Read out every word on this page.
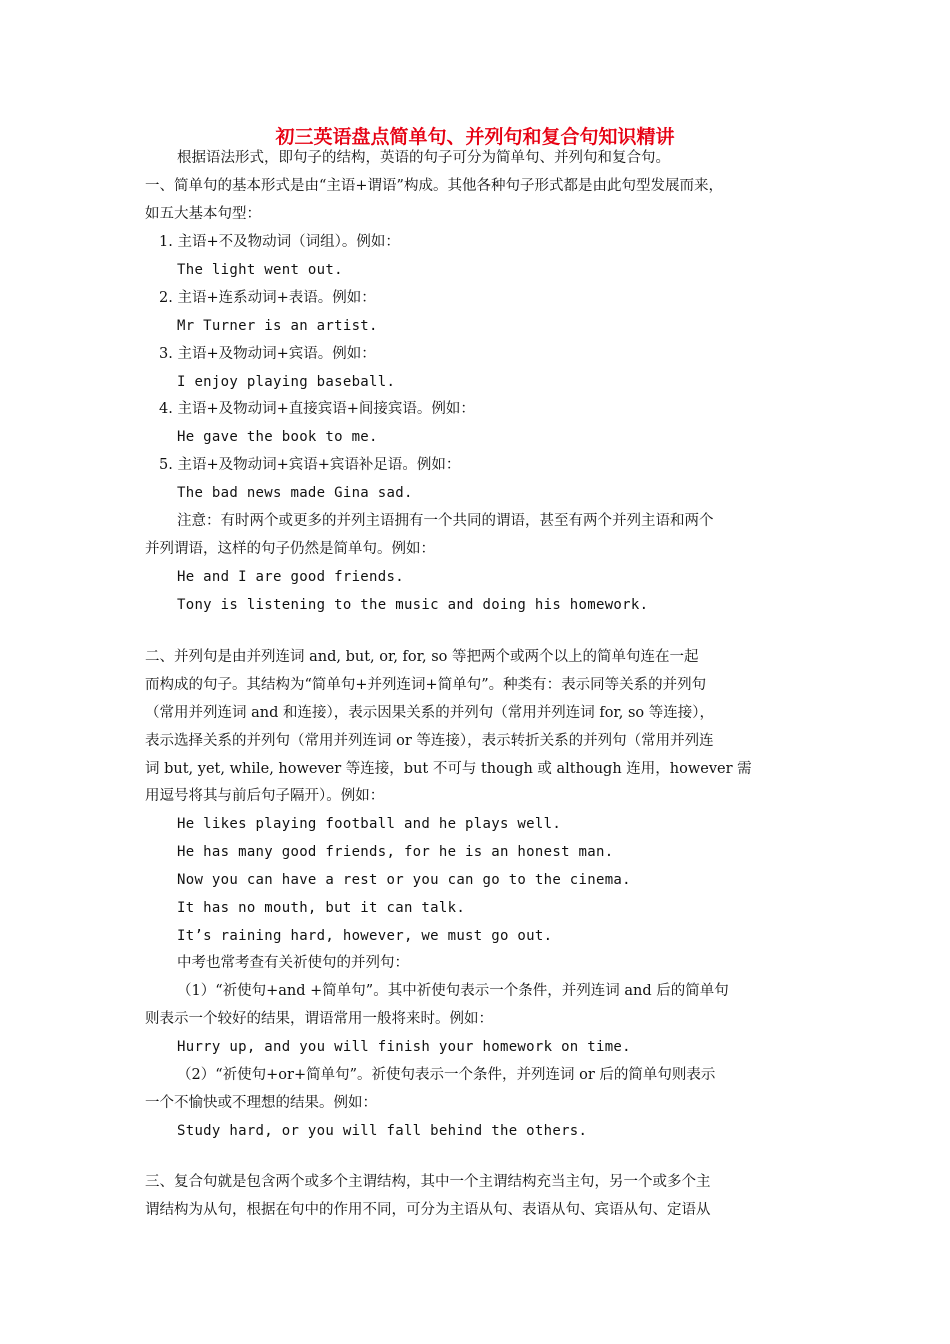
初三英语盘点简单句、并列句和复合句知识精讲
根据语法形式，即句子的结构，英语的句子可分为简单句、并列句和复合句。
一、简单句的基本形式是由“主语+谓语”构成。其他各种句子形式都是由此句型发展而来，
如五大基本句型：
1. 主语+不及物动词（词组）。例如：
The light went out.
2. 主语+连系动词+表语。例如：
Mr Turner is an artist.
3. 主语+及物动词+宾语。例如：
I enjoy playing baseball.
4. 主语+及物动词+直接宾语+间接宾语。例如：
He gave the book to me.
5. 主语+及物动词+宾语+宾语补足语。例如：
The bad news made Gina sad.
注意：有时两个或更多的并列主语拥有一个共同的谓语，甚至有两个并列主语和两个
并列谓语，这样的句子仍然是简单句。例如：
He and I are good friends.
Tony is listening to the music and doing his homework.
二、并列句是由并列连词 and, but, or, for, so 等把两个或两个以上的简单句连在一起
而构成的句子。其结构为“简单句+并列连词+简单句”。种类有：表示同等关系的并列句
（常用并列连词 and 和连接），表示因果关系的并列句（常用并列连词 for, so 等连接），
表示选择关系的并列句（常用并列连词 or 等连接），表示转折关系的并列句（常用并列连
词 but, yet, while, however 等连接，but 不可与 though 或 although 连用，however 需
用逗号将其与前后句子隔开）。例如：
He likes playing football and he plays well.
He has many good friends, for he is an honest man.
Now you can have a rest or you can go to the cinema.
It has no mouth, but it can talk.
It’s raining hard, however, we must go out.
中考也常考查有关祈使句的并列句：
（1）“祈使句+and +简单句”。其中祈使句表示一个条件，并列连词 and 后的简单句
则表示一个较好的结果，谓语常用一般将来时。例如：
Hurry up, and you will finish your homework on time.
（2）“祈使句+or+简单句”。祈使句表示一个条件，并列连词 or 后的简单句则表示
一个不愉快或不理想的结果。例如：
Study hard, or you will fall behind the others.
三、复合句就是包含两个或多个主谓结构，其中一个主谓结构充当主句，另一个或多个主
谓结构为从句，根据在句中的作用不同，可分为主语从句、表语从句、宾语从句、定语从
